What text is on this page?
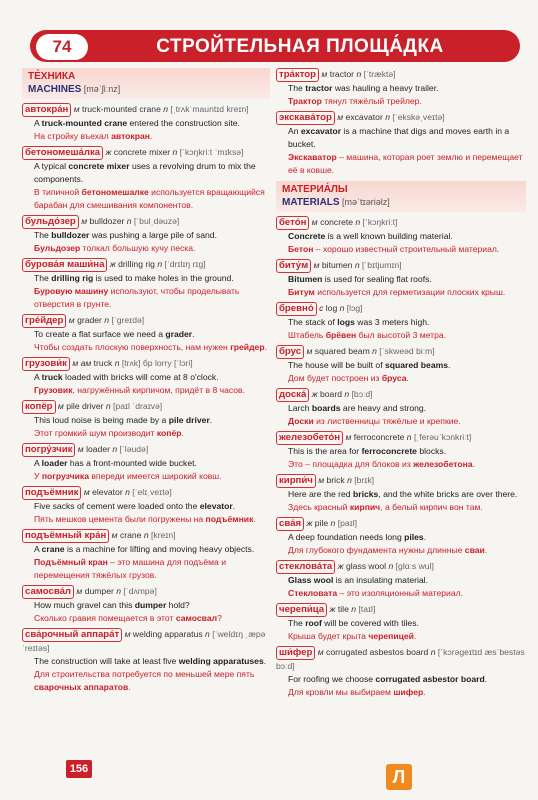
74	СТРОЙТЕЛЬНАЯ ПЛОЩА́ДКА
ТЕ́ХНИКА
MACHINES [məˈʃiːnz]
автокра́н м truck-mounted crane n [ˌtrʌkˈmauntɪd kreɪn]
A truck-mounted crane entered the construction site.
На стройку въехал автокран.
бетономеша́лка ж concrete mixer n [ˈkɔŋkriːt ˈmɪksə]
A typical concrete mixer uses a revolving drum to mix the components.
В типичной бетономешалке используется вращающийся барабан для смешивания компонентов.
бульдо́зер м bulldozer n [ˈbulˌdəuzə]
The bulldozer was pushing a large pile of sand.
Бульдозер толкал большую кучу песка.
бурова́я маши́на ж drilling rig n [ˈdrɪlɪŋ rɪg]
The drilling rig is used to make holes in the ground.
Буровую машину используют, чтобы проделывать отверстия в грунте.
гре́йдер м grader n [ˈgreɪdə]
To create a flat surface we need a grader.
Чтобы создать плоскую поверхность, нам нужен грейдер.
грузови́к м ам truck n [trʌk] бр lorry [ˈlɔri]
A truck loaded with bricks will come at 8 o'clock.
Грузовик, нагружённый кирпичом, придёт в 8 часов.
копёр м pile driver n [paɪl ˈdraɪvə]
This loud noise is being made by a pile driver.
Этот громкий шум производит копёр.
погру́зчик м loader n [ˈləudə]
A loader has a front-mounted wide bucket.
У погрузчика впереди имеется широкий ковш.
подъёмник м elevator n [ˈelɪˌveɪtə]
Five sacks of cement were loaded onto the elevator.
Пять мешков цемента были погружены на подъёмник.
подъёмный кра́н м crane n [kreɪn]
A crane is a machine for lifting and moving heavy objects.
Подъёмный кран – это машина для подъёма и перемещения тяжёлых грузов.
самосва́л м dumper n [ˈdʌmpə]
How much gravel can this dumper hold?
Сколько гравия помещается в этот самосвал?
сва́рочный аппара́т м welding apparatus n [ˈweldɪŋ ˌæpəˈreɪtəs]
The construction will take at least five welding apparatuses.
Для строительства потребуется по меньшей мере пять сварочных аппаратов.
тра́ктор м tractor n [ˈtræktə]
The tractor was hauling a heavy trailer.
Трактор тянул тяжёлый трейлер.
экскава́тор м excavator n [ˈekskəˌveɪtə]
An excavator is a machine that digs and moves earth in a bucket.
Экскаватор – машина, которая роет землю и перемещает её в ковше.
МАТЕРИА́ЛЫ
MATERIALS [məˈtɪəriəlz]
бето́н м concrete n [ˈkɔŋkriːt]
Concrete is a well known building material.
Бетон – хорошо известный строительный материал.
биту́м м bitumen n [ˈbɪtjumɪn]
Bitumen is used for sealing flat roofs.
Битум используется для герметизации плоских крыш.
бревно́ с log n [lɔg]
The stack of logs was 3 meters high.
Штабель брёвен был высотой 3 метра.
брус м squared beam n [ˈskweəd biːm]
The house will be built of squared beams.
Дом будет построен из бруса.
доска́ ж board n [bɔːd]
Larch boards are heavy and strong.
Доски из лиственницы тяжёлые и крепкие.
железобето́н м ferroconcrete n [ˌferəuˈkɔnkriːt]
This is the area for ferroconcrete blocks.
Это – площадка для блоков из железобетона.
кирпи́ч м brick n [brɪk]
Here are the red bricks, and the white bricks are over there.
Здесь красный кирпич, а белый кирпич вон там.
сва́я ж pile n [paɪl]
A deep foundation needs long piles.
Для глубокого фундамента нужны длинные сваи.
стеклова́та ж glass wool n [glɑːs wul]
Glass wool is an insulating material.
Стекловата – это изоляционный материал.
черепи́ца ж tile n [taɪl]
The roof will be covered with tiles.
Крыша будет крыта черепицей.
ши́фер м corrugated asbestos board n [ˈkɔrəgeɪtɪd æsˈbestəs bɔːd]
For roofing we choose corrugated asbestor board.
Для кровли мы выбираем шифер.
156	Л
